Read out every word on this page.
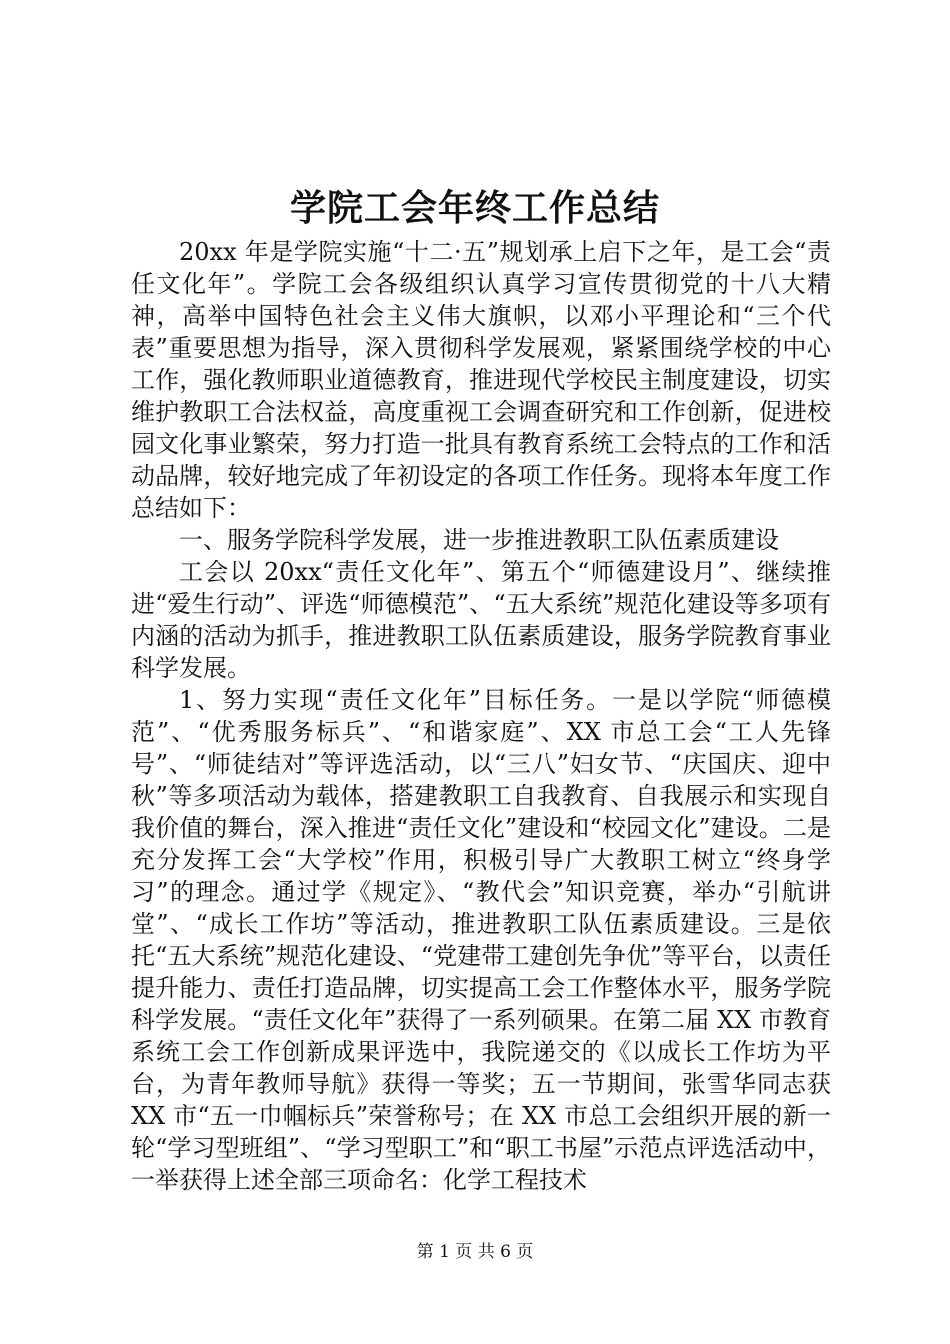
学院工会年终工作总结

20xx 年是学院实施“十二·五”规划承上启下之年，是工会“责任文化年”。学院工会各级组织认真学习宣传贯彻党的十八大精神，高举中国特色社会主义伟大旗帜，以邓小平理论和“三个代表”重要思想为指导，深入贯彻科学发展观，紧紧围绕学校的中心工作，强化教师职业道德教育，推进现代学校民主制度建设，切实维护教职工合法权益，高度重视工会调查研究和工作创新，促进校园文化事业繁荣，努力打造一批具有教育系统工会特点的工作和活动品牌，较好地完成了年初设定的各项工作任务。现将本年度工作总结如下：

一、服务学院科学发展，进一步推进教职工队伍素质建设

工会以 20xx“责任文化年”、第五个“师德建设月”、继续推进“爱生行动”、评选“师德模范”、“五大系统”规范化建设等多项有内涵的活动为抓手，推进教职工队伍素质建设，服务学院教育事业科学发展。

1、努力实现“责任文化年”目标任务。一是以学院“师德模范”、“优秀服务标兵”、“和谐家庭”、XX 市总工会“工人先锋号”、“师徒结对”等评选活动，以“三八”妇女节、“庆国庆、迎中秋”等多项活动为载体，搭建教职工自我教育、自我展示和实现自我价值的舞台，深入推进“责任文化”建设和“校园文化”建设。二是充分发挥工会“大学校”作用，积极引导广大教职工树立“终身学习”的理念。通过学《规定》、“教代会”知识竞赛，举办“引航讲堂”、“成长工作坊”等活动，推进教职工队伍素质建设。三是依托“五大系统”规范化建设、“党建带工建创先争优”等平台，以责任提升能力、责任打造品牌，切实提高工会工作整体水平，服务学院科学发展。“责任文化年”获得了一系列硕果。在第二届 XX 市教育系统工会工作创新成果评选中，我院递交的《以成长工作坊为平台，为青年教师导航》获得一等奖；五一节期间，张雪华同志获 XX 市“五一巾帼标兵”荣誉称号；在 XX 市总工会组织开展的新一轮“学习型班组”、“学习型职工”和“职工书屋”示范点评选活动中，一举获得上述全部三项命名：化学工程技术

第 1 页 共 6 页
